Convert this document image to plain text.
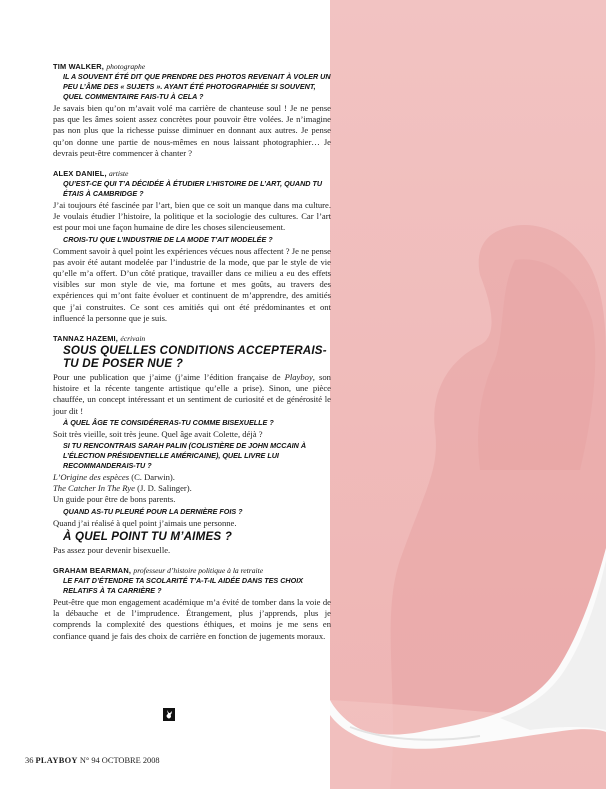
TIM WALKER, photographe

IL A SOUVENT ÉTÉ DIT QUE PRENDRE DES PHOTOS REVENAIT À VOLER UN PEU L’ÂME DES « SUJETS ». AYANT ÉTÉ PHOTOGRAPHIÉE SI SOUVENT, QUEL COMMENTAIRE FAIS-TU À CELA ?

Je savais bien qu’on m’avait volé ma carrière de chanteuse soul ! Je ne pense pas que les âmes soient assez concrètes pour pouvoir être volées. Je n’imagine pas non plus que la richesse puisse diminuer en donnant aux autres. Je pense qu’on donne une partie de nous-mêmes en nous laissant photographier… Je devrais peut-être commencer à chanter ?

ALEX DANIEL, artiste

QU’EST-CE QUI T’A DÉCIDÉE À ÉTUDIER L’HISTOIRE DE L’ART, QUAND TU ÉTAIS À CAMBRIDGE ?

J’ai toujours été fascinée par l’art, bien que ce soit un manque dans ma culture. Je voulais étudier l’histoire, la politique et la sociologie des cultures. Car l’art est pour moi une façon humaine de dire les choses silencieusement.

CROIS-TU QUE L’INDUSTRIE DE LA MODE T’AIT MODELÉE ?

Comment savoir à quel point les expériences vécues nous affectent ? Je ne pense pas avoir été autant modelée par l’industrie de la mode, que par le style de vie qu’elle m’a offert. D’un côté pratique, travailler dans ce milieu a eu des effets visibles sur mon style de vie, ma fortune et mes goûts, au travers des expériences qui m’ont faite évoluer et continuent de m’apprendre, des amitiés que j’ai construites. Ce sont ces amitiés qui ont été prédominantes et ont influencé la personne que je suis.

TANNAZ HAZEMI, écrivain

SOUS QUELLES CONDITIONS ACCEPTERAIS-TU DE POSER NUE ?

Pour une publication que j’aime (j’aime l’édition française de Playboy, son histoire et la récente tangente artistique qu’elle a prise). Sinon, une pièce chauffée, un concept intéressant et un sentiment de curiosité et de générosité le jour dit !

À QUEL ÂGE TE CONSIDÉRERAS-TU COMME BISEXUELLE ?

Soit très vieille, soit très jeune. Quel âge avait Colette, déjà ?

SI TU RENCONTRAIS SARAH PALIN (COLISTIÈRE DE JOHN MCCAIN À L’ÉLECTION PRÉSIDENTIELLE AMÉRICAINE), QUEL LIVRE LUI RECOMMANDERAIS-TU ?

L’Origine des espèces (C. Darwin).

The Catcher In The Rye (J. D. Salinger).

Un guide pour être de bons parents.

QUAND AS-TU PLEURÉ POUR LA DERNIÈRE FOIS ?

Quand j’ai réalisé à quel point j’aimais une personne.

À QUEL POINT TU M’AIMES ?

Pas assez pour devenir bisexuelle.

GRAHAM BEARMAN, professeur d’histoire politique à la retraite

LE FAIT D’ÉTENDRE TA SCOLARITÉ T’A-T-IL AIDÉE DANS TES CHOIX RELATIFS À TA CARRIÈRE ?

Peut-être que mon engagement académique m’a évité de tomber dans la voie de la débauche et de l’imprudence. Étrangement, plus j’apprends, plus je comprends la complexité des questions éthiques, et moins je me sens en confiance quand je fais des choix de carrière en fonction de jugements moraux.

36 PLAYBOY N° 94 OCTOBRE 2008
